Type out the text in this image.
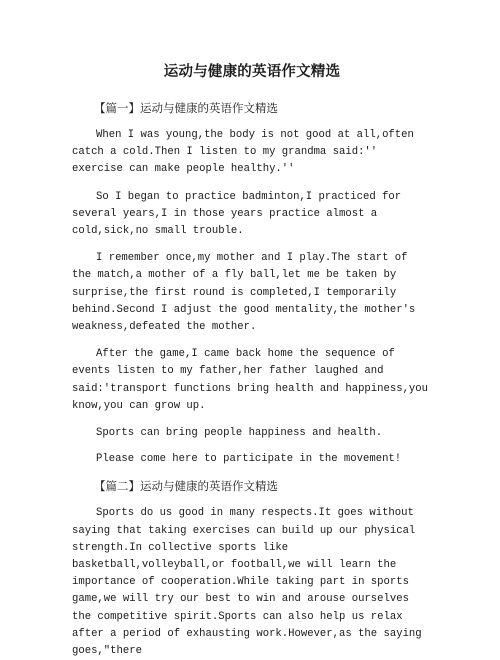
运动与健康的英语作文精选
【篇一】运动与健康的英语作文精选

When I was young,the body is not good at all,often catch a cold.Then I listen to my grandma said:'' exercise can make people healthy.''

So I began to practice badminton,I practiced for several years,I in those years practice almost a cold,sick,no small trouble.

I remember once,my mother and I play.The start of the match,a mother of a fly ball,let me be taken by surprise,the first round is completed,I temporarily behind.Second I adjust the good mentality,the mother's weakness,defeated the mother.

After the game,I came back home the sequence of events listen to my father,her father laughed and said:'transport functions bring health and happiness,you know,you can grow up.

Sports can bring people happiness and health.

Please come here to participate in the movement!

【篇二】运动与健康的英语作文精选

Sports do us good in many respects.It goes without saying that taking exercises can build up our physical strength.In collective sports like basketball,volleyball,or football,we will learn the importance of cooperation.While taking part in sports game,we will try our best to win and arouse ourselves the competitive spirit.Sports can also help us relax after a period of exhausting work.However,as the saying goes,"there
